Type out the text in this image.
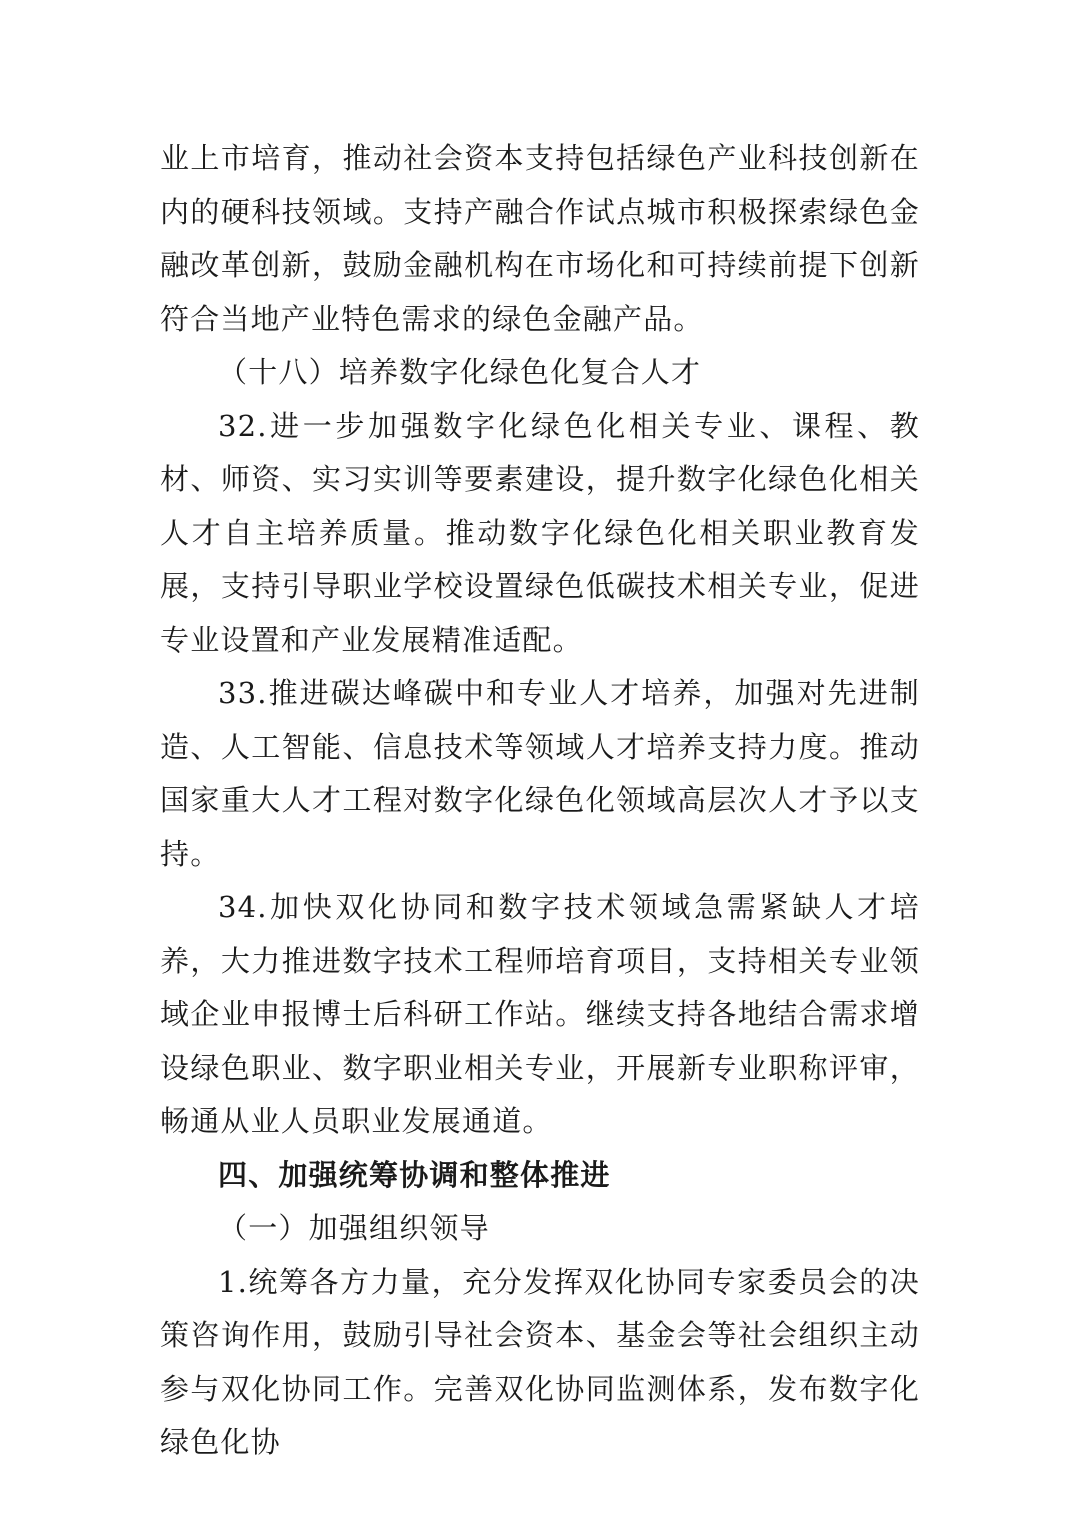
业上市培育，推动社会资本支持包括绿色产业科技创新在内的硬科技领域。支持产融合作试点城市积极探索绿色金融改革创新，鼓励金融机构在市场化和可持续前提下创新符合当地产业特色需求的绿色金融产品。

（十八）培养数字化绿色化复合人才

32.进一步加强数字化绿色化相关专业、课程、教材、师资、实习实训等要素建设，提升数字化绿色化相关人才自主培养质量。推动数字化绿色化相关职业教育发展，支持引导职业学校设置绿色低碳技术相关专业，促进专业设置和产业发展精准适配。

33.推进碳达峰碳中和专业人才培养，加强对先进制造、人工智能、信息技术等领域人才培养支持力度。推动国家重大人才工程对数字化绿色化领域高层次人才予以支持。

34.加快双化协同和数字技术领域急需紧缺人才培养，大力推进数字技术工程师培育项目，支持相关专业领域企业申报博士后科研工作站。继续支持各地结合需求增设绿色职业、数字职业相关专业，开展新专业职称评审，畅通从业人员职业发展通道。

四、加强统筹协调和整体推进

（一）加强组织领导

1.统筹各方力量，充分发挥双化协同专家委员会的决策咨询作用，鼓励引导社会资本、基金会等社会组织主动参与双化协同工作。完善双化协同监测体系，发布数字化绿色化协
